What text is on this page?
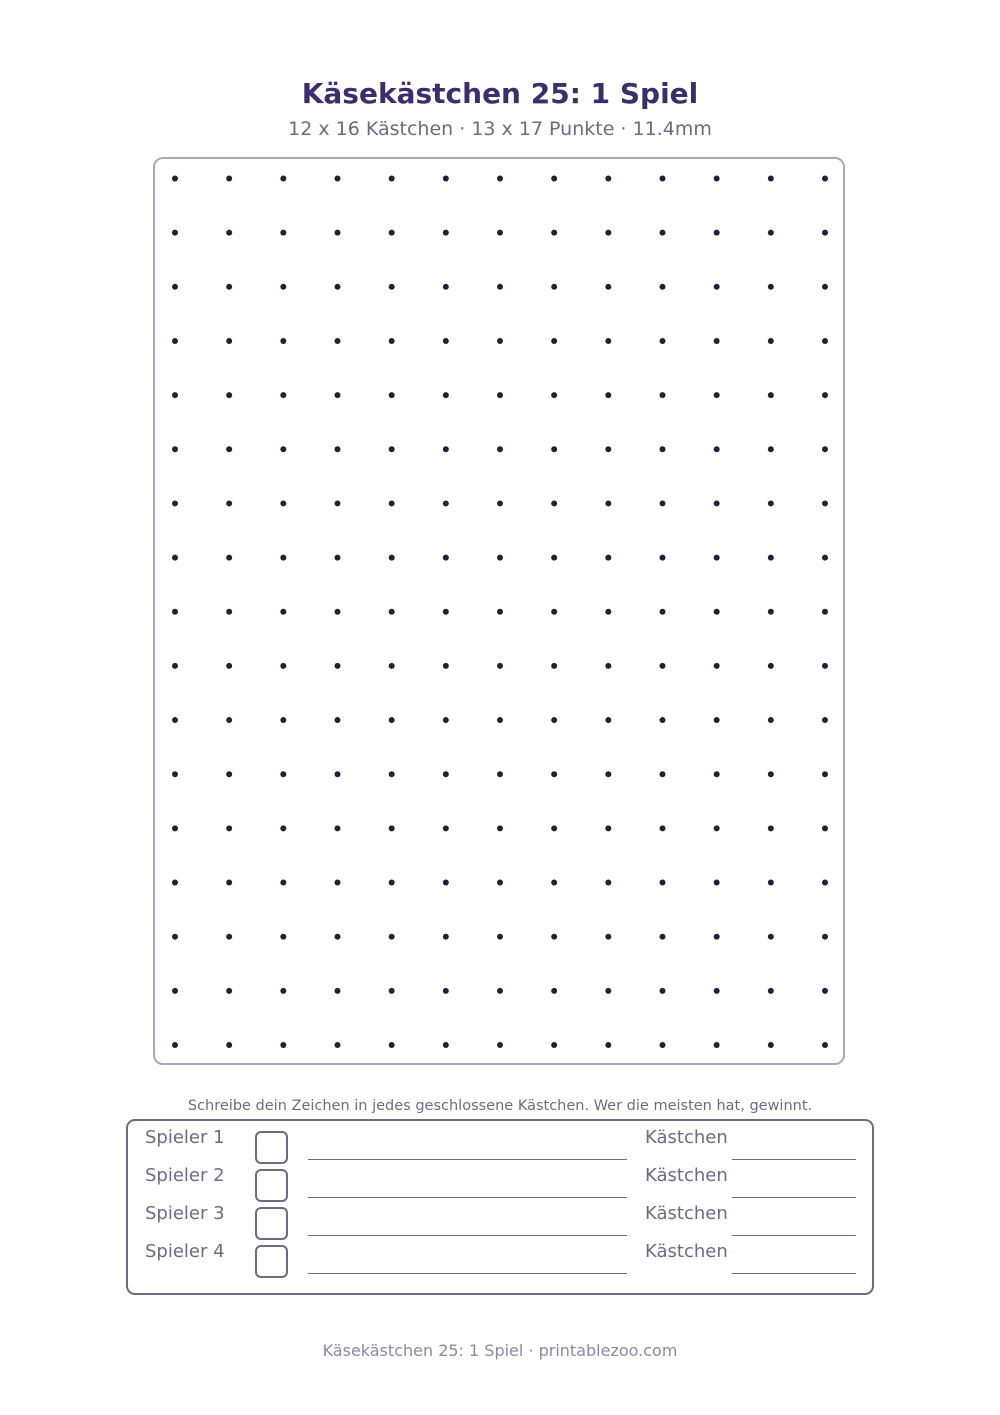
Käsekästchen 25: 1 Spiel
12 x 16 Kästchen · 13 x 17 Punkte · 11.4mm
Schreibe dein Zeichen in jedes geschlossene Kästchen. Wer die meisten hat, gewinnt.
Spieler 1	Kästchen
Spieler 2	Kästchen
Spieler 3	Kästchen
Spieler 4	Kästchen
Käsekästchen 25: 1 Spiel · printablezoo.com
